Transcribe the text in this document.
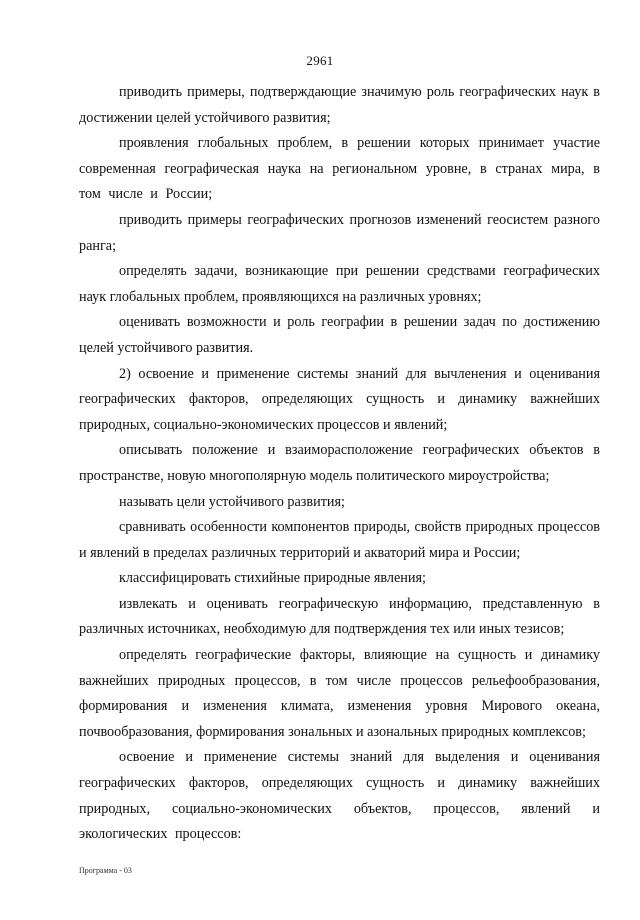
2961

приводить примеры, подтверждающие значимую роль географических наук в достижении целей устойчивого развития;

проявления глобальных проблем, в решении которых принимает участие современная географическая наука на региональном уровне, в странах мира, в том числе и России;

приводить примеры географических прогнозов изменений геосистем разного ранга;

определять задачи, возникающие при решении средствами географических наук глобальных проблем, проявляющихся на различных уровнях;

оценивать возможности и роль географии в решении задач по достижению целей устойчивого развития.

2) освоение и применение системы знаний для вычленения и оценивания географических факторов, определяющих сущность и динамику важнейших природных, социально-экономических процессов и явлений;

описывать положение и взаиморасположение географических объектов в пространстве, новую многополярную модель политического мироустройства;

называть цели устойчивого развития;

сравнивать особенности компонентов природы, свойств природных процессов и явлений в пределах различных территорий и акваторий мира и России;

классифицировать стихийные природные явления;

извлекать и оценивать географическую информацию, представленную в различных источниках, необходимую для подтверждения тех или иных тезисов;

определять географические факторы, влияющие на сущность и динамику важнейших природных процессов, в том числе процессов рельефообразования, формирования и изменения климата, изменения уровня Мирового океана, почвообразования, формирования зональных и азональных природных комплексов;

освоение и применение системы знаний для выделения и оценивания географических факторов, определяющих сущность и динамику важнейших природных, социально-экономических объектов, процессов, явлений и экологических процессов:

Программа - 03
